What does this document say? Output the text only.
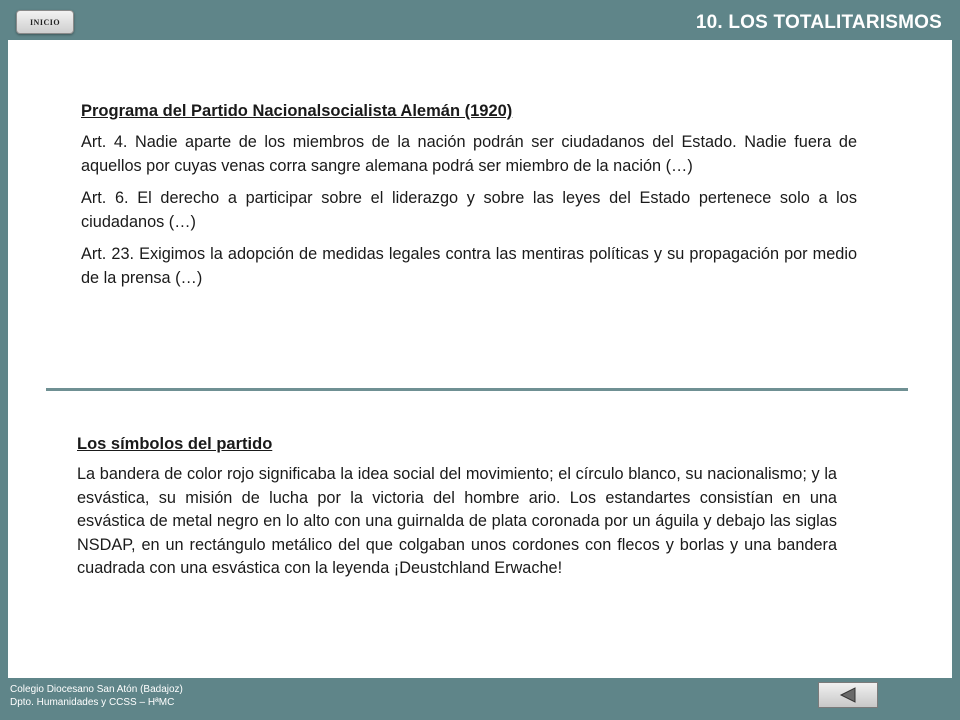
INICIO	10. LOS TOTALITARISMOS

Programa del Partido Nacionalsocialista Alemán (1920)

Art. 4. Nadie aparte de los miembros de la nación podrán ser ciudadanos del Estado. Nadie fuera de aquellos por cuyas venas corra sangre alemana podrá ser miembro de la nación (…)

Art. 6. El derecho a participar sobre el liderazgo y sobre las leyes del Estado pertenece solo a los ciudadanos (…)

Art. 23. Exigimos la adopción de medidas legales contra las mentiras políticas y su propagación por medio de la prensa (…)

Los símbolos del partido

La bandera de color rojo significaba la idea social del movimiento; el círculo blanco, su nacionalismo; y la esvástica, su misión de lucha por la victoria del hombre ario. Los estandartes consistían en una esvástica de metal negro en lo alto con una guirnalda de plata coronada por un águila y debajo las siglas NSDAP, en un rectángulo metálico del que colgaban unos cordones con flecos y borlas y una bandera cuadrada con una esvástica con la leyenda ¡Deustchland Erwache!

Colegio Diocesano San Atón (Badajoz)
Dpto. Humanidades y CCSS – HªMC
